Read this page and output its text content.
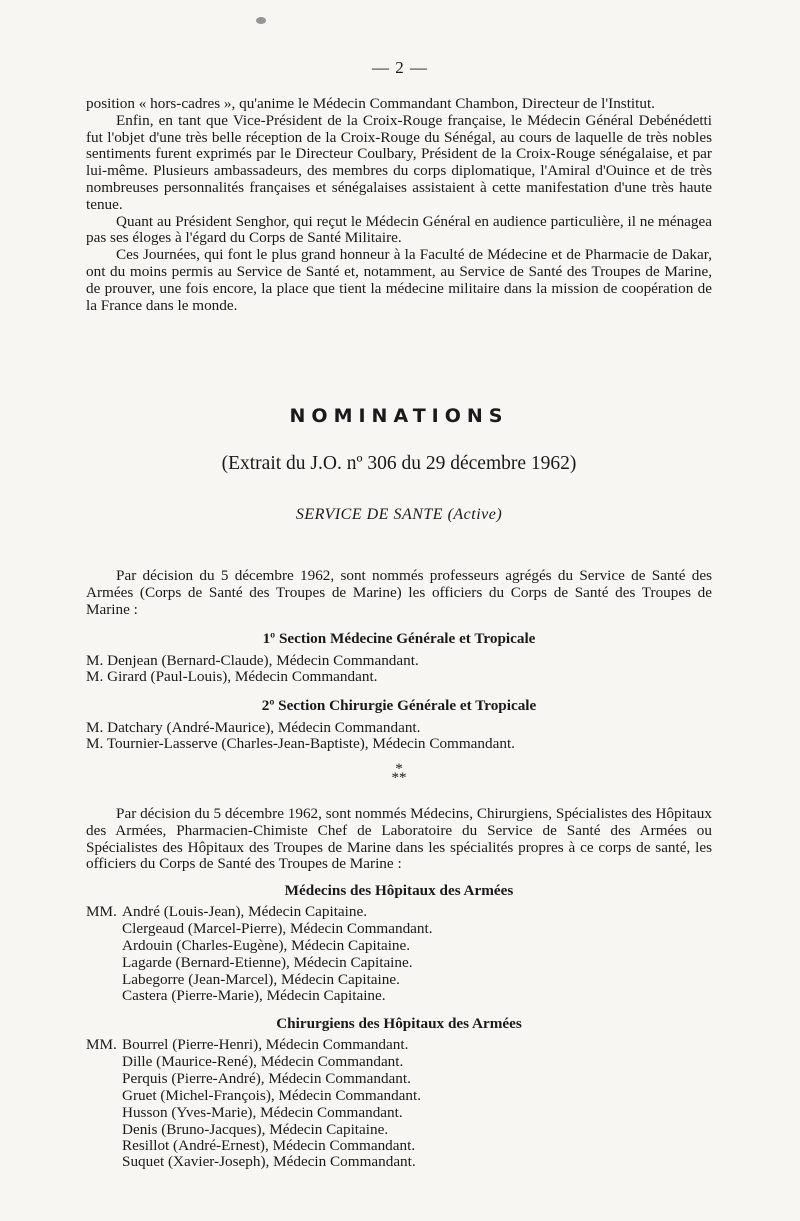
— 2 —

position « hors-cadres », qu'anime le Médecin Commandant Chambon, Directeur de l'Institut.

Enfin, en tant que Vice-Président de la Croix-Rouge française, le Médecin Général Debénédetti fut l'objet d'une très belle réception de la Croix-Rouge du Sénégal, au cours de laquelle de très nobles sentiments furent exprimés par le Directeur Coulbary, Président de la Croix-Rouge sénégalaise, et par lui-même. Plusieurs ambassadeurs, des membres du corps diplomatique, l'Amiral d'Ouince et de très nombreuses personnalités françaises et sénégalaises assistaient à cette manifestation d'une très haute tenue.

Quant au Président Senghor, qui reçut le Médecin Général en audience particulière, il ne ménagea pas ses éloges à l'égard du Corps de Santé Militaire.

Ces Journées, qui font le plus grand honneur à la Faculté de Médecine et de Pharmacie de Dakar, ont du moins permis au Service de Santé et, notamment, au Service de Santé des Troupes de Marine, de prouver, une fois encore, la place que tient la médecine militaire dans la mission de coopération de la France dans le monde.

NOMINATIONS
(Extrait du J.O. nº 306 du 29 décembre 1962)
SERVICE DE SANTE (Active)

Par décision du 5 décembre 1962, sont nommés professeurs agrégés du Service de Santé des Armées (Corps de Santé des Troupes de Marine) les officiers du Corps de Santé des Troupes de Marine :

1º Section Médecine Générale et Tropicale
M. Denjean (Bernard-Claude), Médecin Commandant.
M. Girard (Paul-Louis), Médecin Commandant.
2º Section Chirurgie Générale et Tropicale
M. Datchary (André-Maurice), Médecin Commandant.
M. Tournier-Lasserve (Charles-Jean-Baptiste), Médecin Commandant.
*
**

Par décision du 5 décembre 1962, sont nommés Médecins, Chirurgiens, Spécialistes des Hôpitaux des Armées, Pharmacien-Chimiste Chef de Laboratoire du Service de Santé des Armées ou Spécialistes des Hôpitaux des Troupes de Marine dans les spécialités propres à ce corps de santé, les officiers du Corps de Santé des Troupes de Marine :

Médecins des Hôpitaux des Armées
MM. André (Louis-Jean), Médecin Capitaine.
Clergeaud (Marcel-Pierre), Médecin Commandant.
Ardouin (Charles-Eugène), Médecin Capitaine.
Lagarde (Bernard-Etienne), Médecin Capitaine.
Labegorre (Jean-Marcel), Médecin Capitaine.
Castera (Pierre-Marie), Médecin Capitaine.
Chirurgiens des Hôpitaux des Armées
MM. Bourrel (Pierre-Henri), Médecin Commandant.
Dille (Maurice-René), Médecin Commandant.
Perquis (Pierre-André), Médecin Commandant.
Gruet (Michel-François), Médecin Commandant.
Husson (Yves-Marie), Médecin Commandant.
Denis (Bruno-Jacques), Médecin Capitaine.
Resillot (André-Ernest), Médecin Commandant.
Suquet (Xavier-Joseph), Médecin Commandant.
